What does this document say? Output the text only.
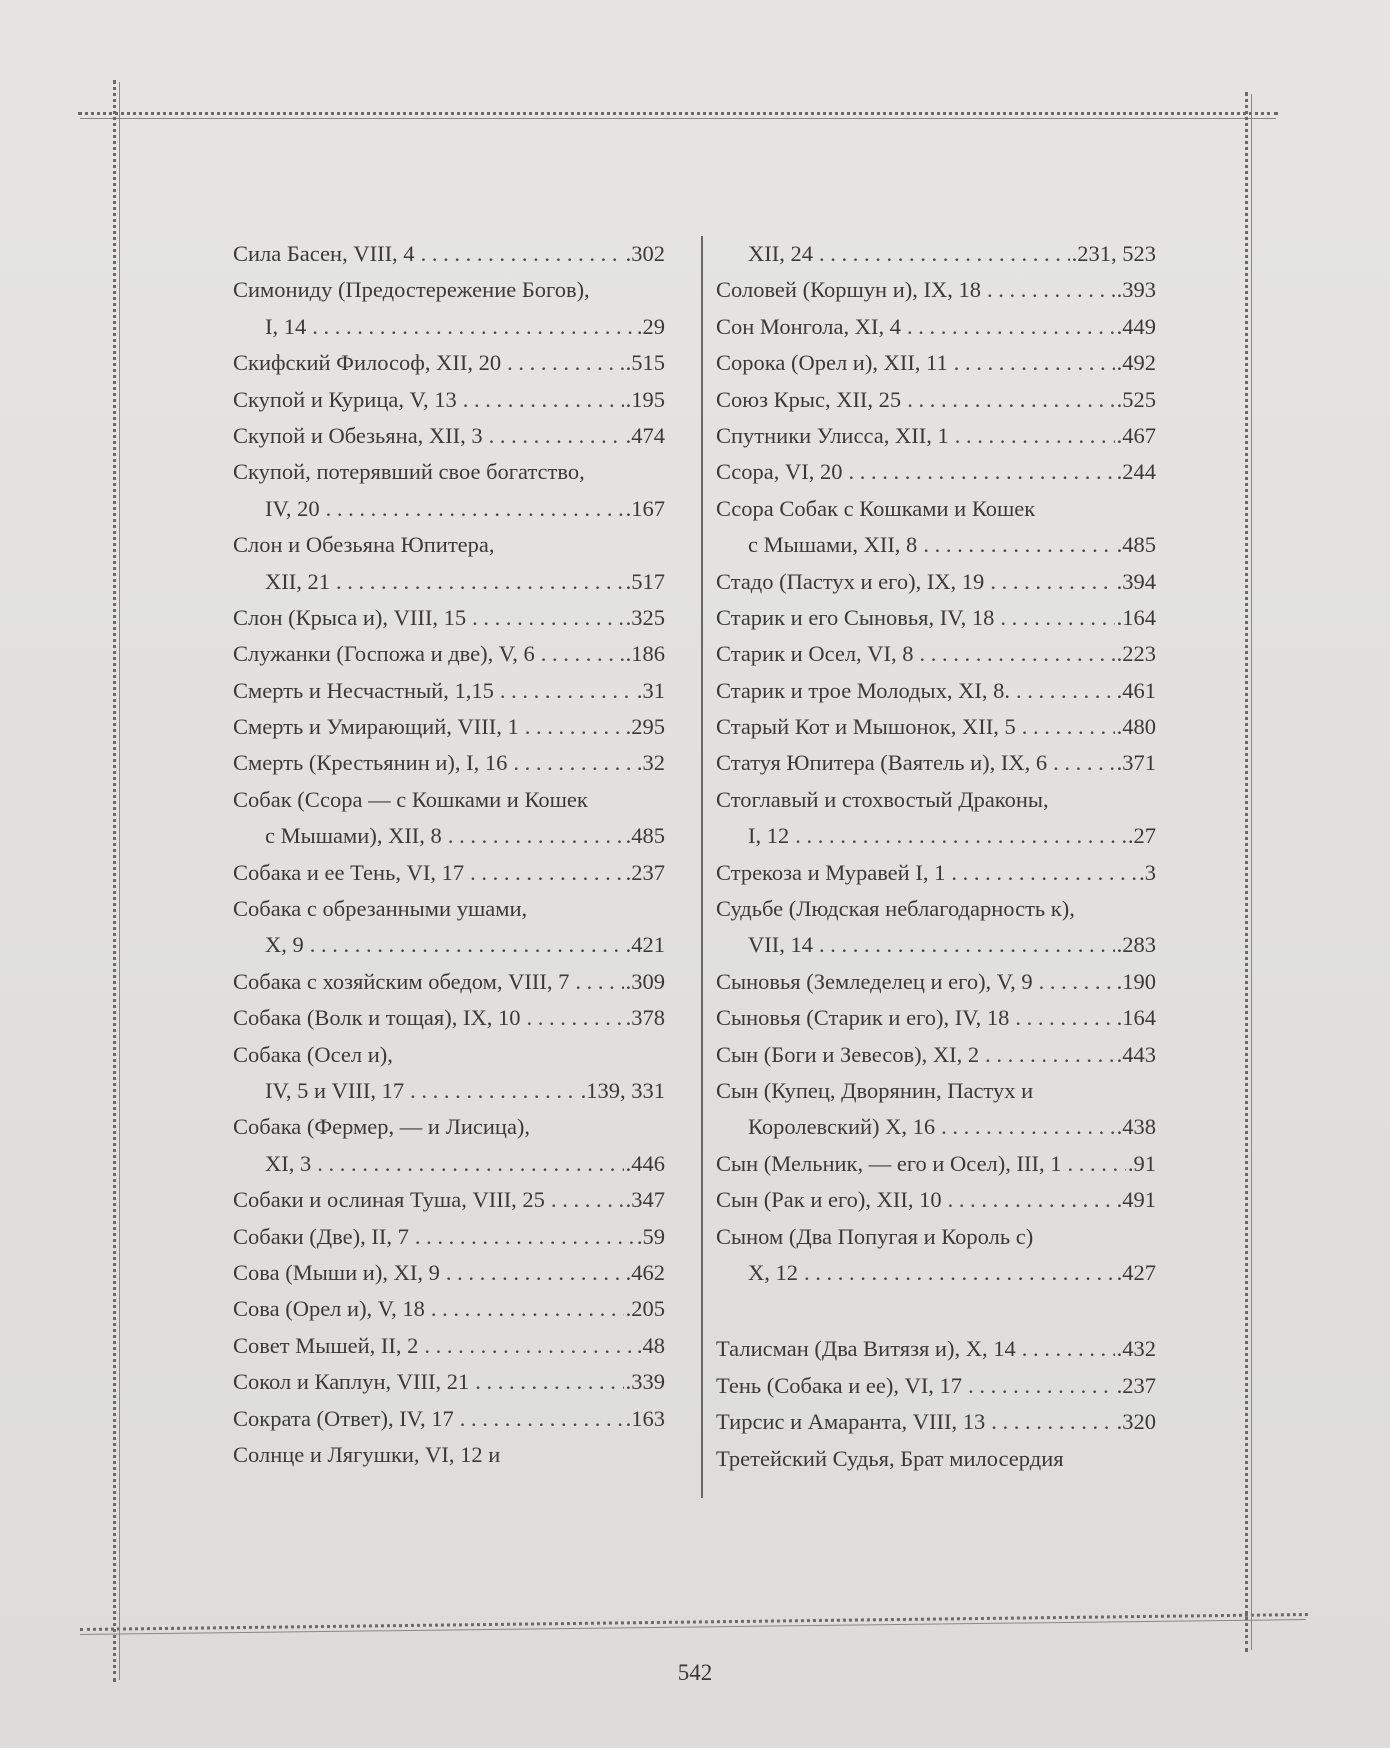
Сила Басен, VIII, 4 . . .	.302
Симониду (Предостережение Богов),
I, 14 . . .	.29
Скифский Философ, XII, 20 . . .	.515
Скупой и Курица, V, 13 . . .	.195
Скупой и Обезьяна, XII, 3 . . .	.474
Скупой, потерявший свое богатство,
IV, 20 . . .	.167
Слон и Обезьяна Юпитера,
XII, 21 . . .	.517
Слон (Крыса и), VIII, 15 . . .	.325
Служанки (Госпожа и две), V, 6 . . .	.186
Смерть и Несчастный, 1,15 . . .	.31
Смерть и Умирающий, VIII, 1 . . .	.295
Смерть (Крестьянин и), I, 16 . . .	.32
Собак (Ссора — с Кошками и Кошек
с Мышами), XII, 8 . . .	.485
Собака и ее Тень, VI, 17 . . .	.237
Собака с обрезанными ушами,
X, 9 . . .	.421
Собака с хозяйским обедом, VIII, 7 . . .	.309
Собака (Волк и тощая), IX, 10 . . .	.378
Собака (Осел и),
IV, 5 и VIII, 17 . . .	.139, 331
Собака (Фермер, — и Лисица),
XI, 3 . . .	.446
Собаки и ослиная Туша, VIII, 25 . . .	.347
Собаки (Две), II, 7 . . .	.59
Сова (Мыши и), XI, 9 . . .	.462
Сова (Орел и), V, 18 . . .	.205
Совет Мышей, II, 2 . . .	.48
Сокол и Каплун, VIII, 21 . . .	.339
Сократа (Ответ), IV, 17 . . .	.163
Солнце и Лягушки, VI, 12 и
XII, 24 . . .	.231, 523
Соловей (Коршун и), IX, 18 . . .	.393
Сон Монгола, XI, 4 . . .	.449
Сорока (Орел и), XII, 11 . . .	.492
Союз Крыс, XII, 25 . . .	.525
Спутники Улисса, XII, 1 . . .	.467
Ссора, VI, 20 . . .	.244
Ссора Собак с Кошками и Кошек
с Мышами, XII, 8 . . .	.485
Стадо (Пастух и его), IX, 19 . . .	.394
Старик и его Сыновья, IV, 18 . . .	.164
Старик и Осел, VI, 8 . . .	.223
Старик и трое Молодых, XI, 8. . . .	.461
Старый Кот и Мышонок, XII, 5 . . .	.480
Статуя Юпитера (Ваятель и), IX, 6 . . .	.371
Стоглавый и стохвостый Драконы,
I, 12 . . .	.27
Стрекоза и Муравей I, 1 . . .	.3
Судьбе (Людская неблагодарность к),
VII, 14 . . .	.283
Сыновья (Земледелец и его), V, 9 . . .	.190
Сыновья (Старик и его), IV, 18 . . .	.164
Сын (Боги и Зевесов), XI, 2 . . .	.443
Сын (Купец, Дворянин, Пастух и
Королевский) X, 16 . . .	.438
Сын (Мельник, — его и Осел), III, 1 . . .	.91
Сын (Рак и его), XII, 10 . . .	.491
Сыном (Два Попугая и Король с)
X, 12 . . .	.427
Талисман (Два Витязя и), X, 14 . . .	.432
Тень (Собака и ее), VI, 17 . . .	.237
Тирсис и Амаранта, VIII, 13 . . .	.320
Третейский Судья, Брат милосердия
542
